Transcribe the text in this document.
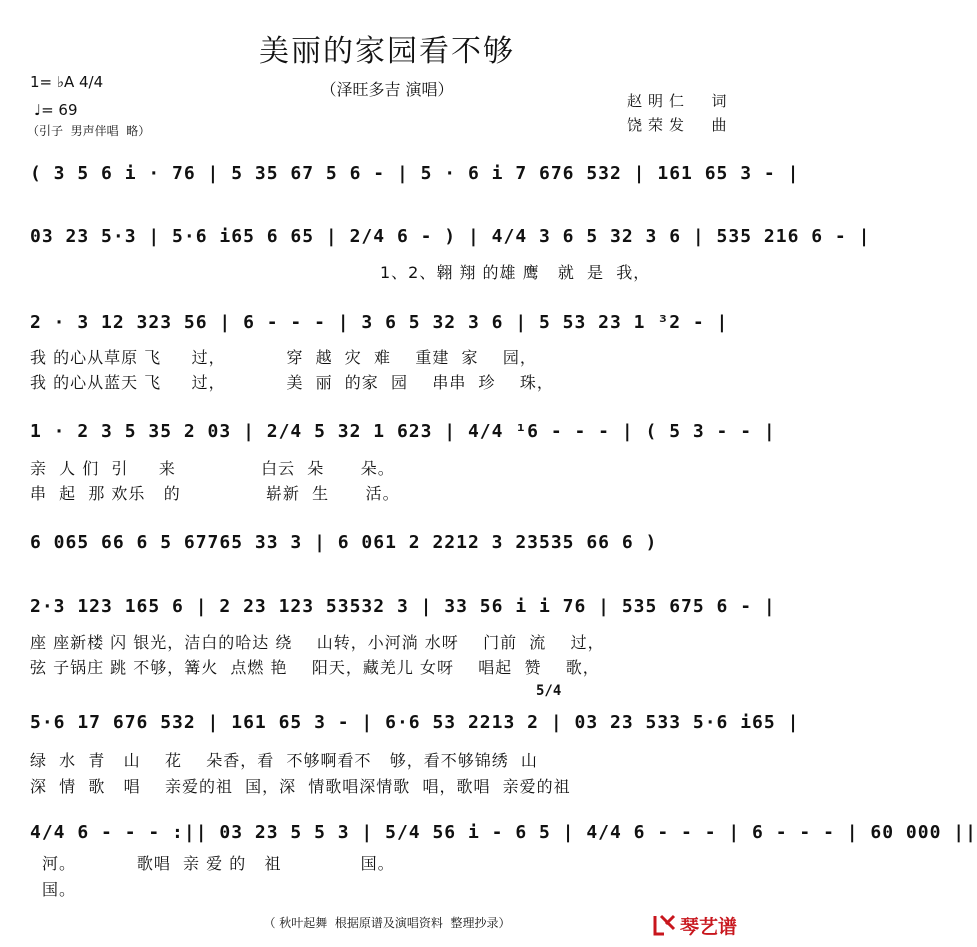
美丽的家园看不够
（泽旺多吉 演唱）
1= ♭A 4/4
♩= 69
（引子  男声伴唱  略）
赵明仁  词
饶荣发  曲
( 3 5 6 i · 76 | 5 35 67 5 6 - | 5 · 6 i 7 676 532 | 161 65 3 - |
03 23 5·3 | 5·6 i65 6 65 | 2/4 6 - ) | 4/4 3 6 5 32 3 6 | 535 216 6 - |
1、2、翱 翔 的雄 鹰   就  是  我，
2 · 3 12 323 56 | 6 - - - | 3 6 5 32 3 6 | 5 53 23 1 ³2 - |
我 的心从草原 飞     过，          穿  越  灾  难    重建  家    园，
我 的心从蓝天 飞     过，          美  丽  的家  园    串串  珍    珠，
1 · 2 3 5 35 2 03 | 2/4 5 32 1 623 | 4/4 ¹6 - - - | ( 5 3 - - |
亲  人 们  引     来              白云  朵      朵。
串  起  那 欢乐   的              崭新  生      活。
6 065 66 6 5 67765 33 3 | 6 061 2 2212 3 23535 66 6 )
2·3 123 165 6 | 2 23 123 53532 3 | 33 56 i i 76 | 535 675 6 - |
座 座新楼 闪 银光，洁白的哈达 绕    山转，小河淌 水呀    门前  流    过，
弦 子锅庄 跳 不够，篝火  点燃 艳    阳天，藏羌儿 女呀    唱起  赞    歌，
5/4
5·6 17 676 532 | 161 65 3 - | 6·6 53 2213 2 | 03 23 533 5·6 i65 |
绿  水  青   山    花    朵香，看  不够啊看不   够，看不够锦绣  山
深  情  歌   唱    亲爱的祖  国，深  情歌唱深情歌  唱，歌唱  亲爱的祖
4/4 6 - - - :|| 03 23 5 5 3 | 5/4 56 i - 6 5 | 4/4 6 - - - | 6 - - - | 60 000 ||
河。          歌唱  亲 爱 的   祖             国。
国。
（ 秋叶起舞  根据原谱及演唱资料  整理抄录）	琴艺谱
